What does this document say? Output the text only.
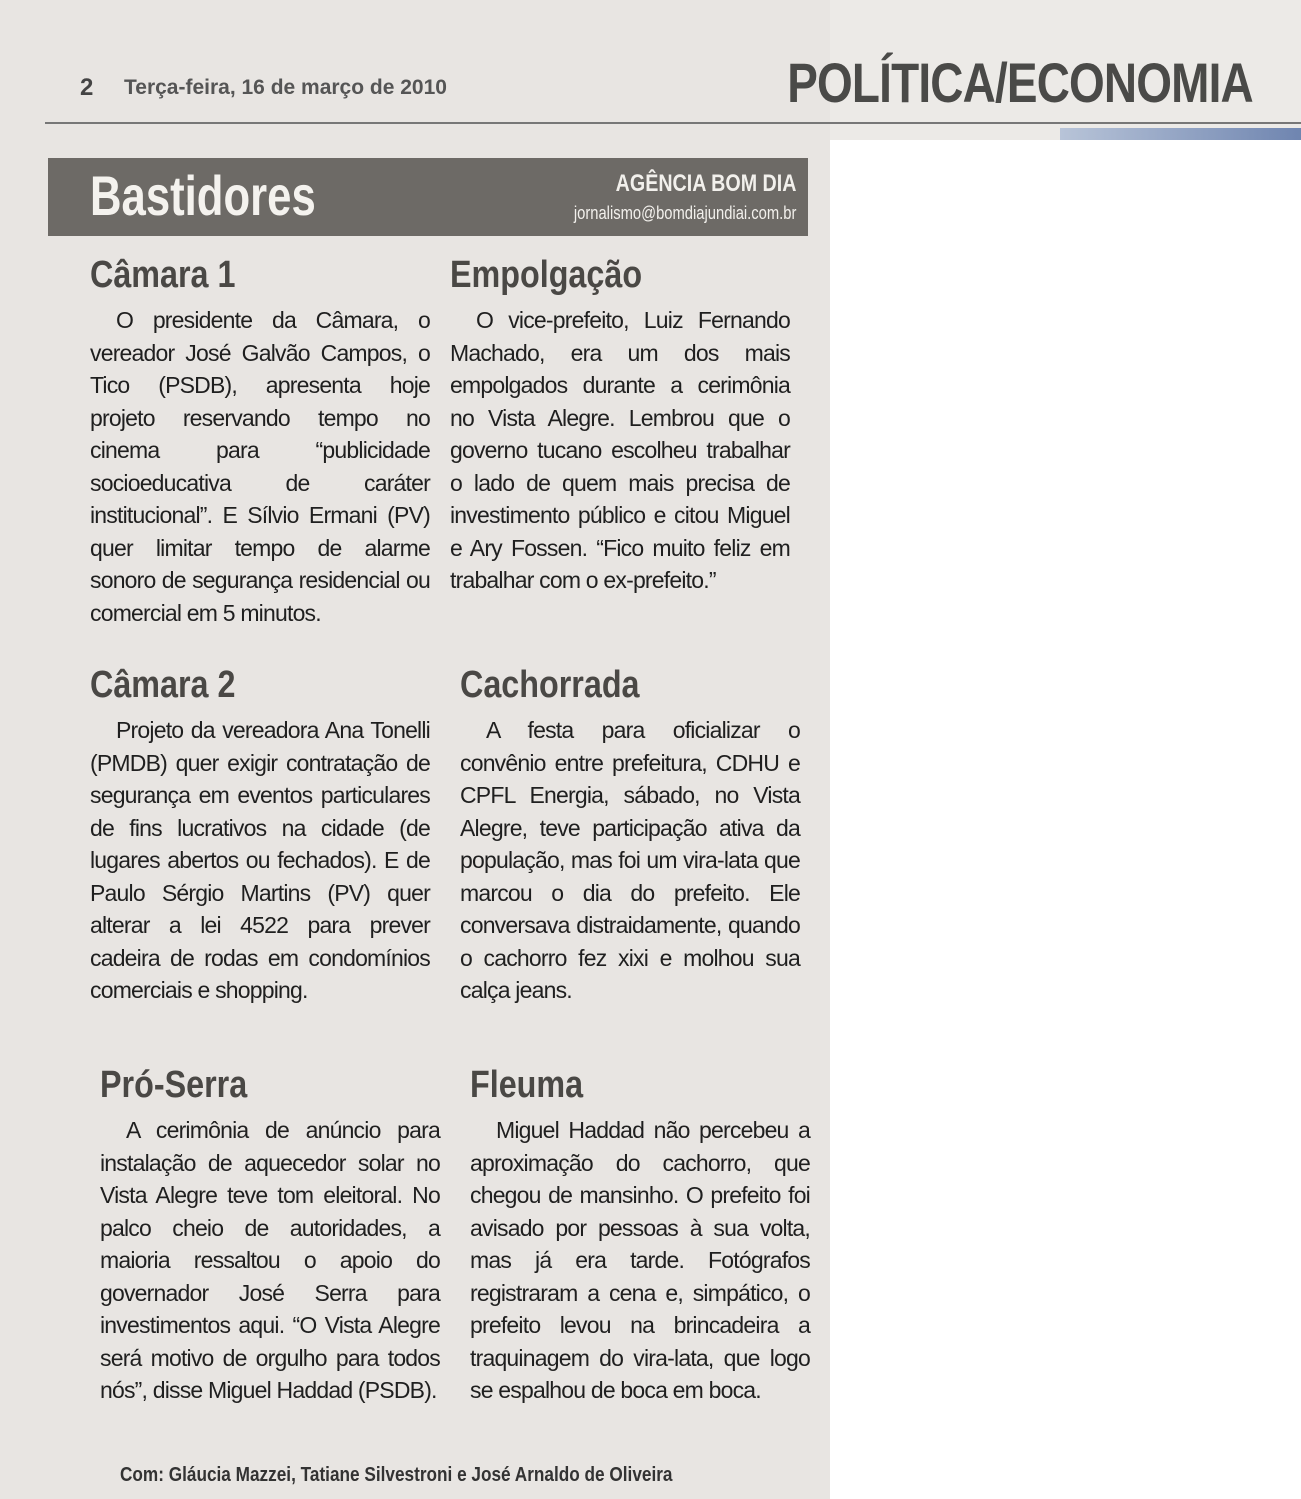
2 Terça-feira, 16 de março de 2010	POLÍTICA/ECONOMIA
Bastidores	AGÊNCIA BOM DIA
jornalismo@bomdiajundiai.com.br
Câmara 1

O presidente da Câmara, o vereador José Galvão Campos, o Tico (PSDB), apresenta hoje projeto reservando tempo no cinema para “publicidade socioeducativa de caráter institucional”. E Sílvio Ermani (PV) quer limitar tempo de alarme sonoro de segurança residencial ou comercial em 5 minutos.

Câmara 2

Projeto da vereadora Ana Tonelli (PMDB) quer exigir contratação de segurança em eventos particulares de fins lucrativos na cidade (de lugares abertos ou fechados). E de Paulo Sérgio Martins (PV) quer alterar a lei 4522 para prever cadeira de rodas em condomínios comerciais e shopping.

Pró-Serra

A cerimônia de anúncio para instalação de aquecedor solar no Vista Alegre teve tom eleitoral. No palco cheio de autoridades, a maioria ressaltou o apoio do governador José Serra para investimentos aqui. “O Vista Alegre será motivo de orgulho para todos nós”, disse Miguel Haddad (PSDB).

Empolgação

O vice-prefeito, Luiz Fernando Machado, era um dos mais empolgados durante a cerimônia no Vista Alegre. Lembrou que o governo tucano escolheu trabalhar o lado de quem mais precisa de investimento público e citou Miguel e Ary Fossen. “Fico muito feliz em trabalhar com o ex-prefeito.”

Cachorrada

A festa para oficializar o convênio entre prefeitura, CDHU e CPFL Energia, sábado, no Vista Alegre, teve participação ativa da população, mas foi um vira-lata que marcou o dia do prefeito. Ele conversava distraidamente, quando o cachorro fez xixi e molhou sua calça jeans.

Fleuma

Miguel Haddad não percebeu a aproximação do cachorro, que chegou de mansinho. O prefeito foi avisado por pessoas à sua volta, mas já era tarde. Fotógrafos registraram a cena e, simpático, o prefeito levou na brincadeira a traquinagem do vira-lata, que logo se espalhou de boca em boca.

Com: Gláucia Mazzei, Tatiane Silvestroni e José Arnaldo de Oliveira
